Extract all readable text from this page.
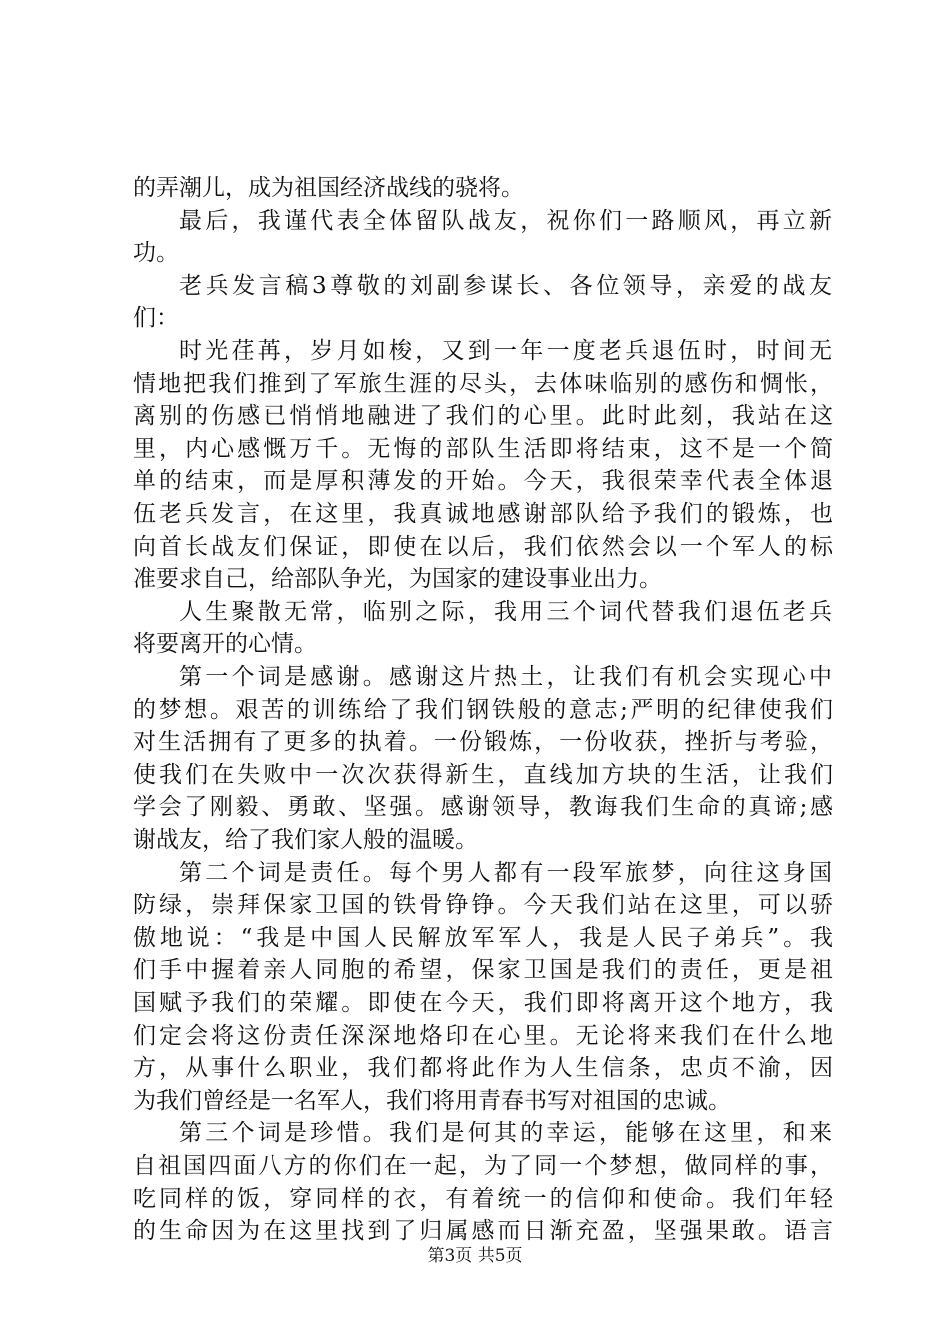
的弄潮儿，成为祖国经济战线的骁将。
最后，我谨代表全体留队战友，祝你们一路顺风，再立新
功。
老兵发言稿3尊敬的刘副参谋长、各位领导，亲爱的战友
们：
时光荏苒，岁月如梭，又到一年一度老兵退伍时，时间无
情地把我们推到了军旅生涯的尽头，去体味临别的感伤和惆怅，
离别的伤感已悄悄地融进了我们的心里。此时此刻，我站在这
里，内心感慨万千。无悔的部队生活即将结束，这不是一个简
单的结束，而是厚积薄发的开始。今天，我很荣幸代表全体退
伍老兵发言，在这里，我真诚地感谢部队给予我们的锻炼，也
向首长战友们保证，即使在以后，我们依然会以一个军人的标
准要求自己，给部队争光，为国家的建设事业出力。
人生聚散无常，临别之际，我用三个词代替我们退伍老兵
将要离开的心情。
第一个词是感谢。感谢这片热土，让我们有机会实现心中
的梦想。艰苦的训练给了我们钢铁般的意志;严明的纪律使我们
对生活拥有了更多的执着。一份锻炼，一份收获，挫折与考验，
使我们在失败中一次次获得新生，直线加方块的生活，让我们
学会了刚毅、勇敢、坚强。感谢领导，教诲我们生命的真谛;感
谢战友，给了我们家人般的温暖。
第二个词是责任。每个男人都有一段军旅梦，向往这身国
防绿，崇拜保家卫国的铁骨铮铮。今天我们站在这里，可以骄
傲地说：“我是中国人民解放军军人，我是人民子弟兵”。我
们手中握着亲人同胞的希望，保家卫国是我们的责任，更是祖
国赋予我们的荣耀。即使在今天，我们即将离开这个地方，我
们定会将这份责任深深地烙印在心里。无论将来我们在什么地
方，从事什么职业，我们都将此作为人生信条，忠贞不渝，因
为我们曾经是一名军人，我们将用青春书写对祖国的忠诚。
第三个词是珍惜。我们是何其的幸运，能够在这里，和来
自祖国四面八方的你们在一起，为了同一个梦想，做同样的事，
吃同样的饭，穿同样的衣，有着统一的信仰和使命。我们年轻
的生命因为在这里找到了归属感而日渐充盈，坚强果敢。语言
第3页 共5页
